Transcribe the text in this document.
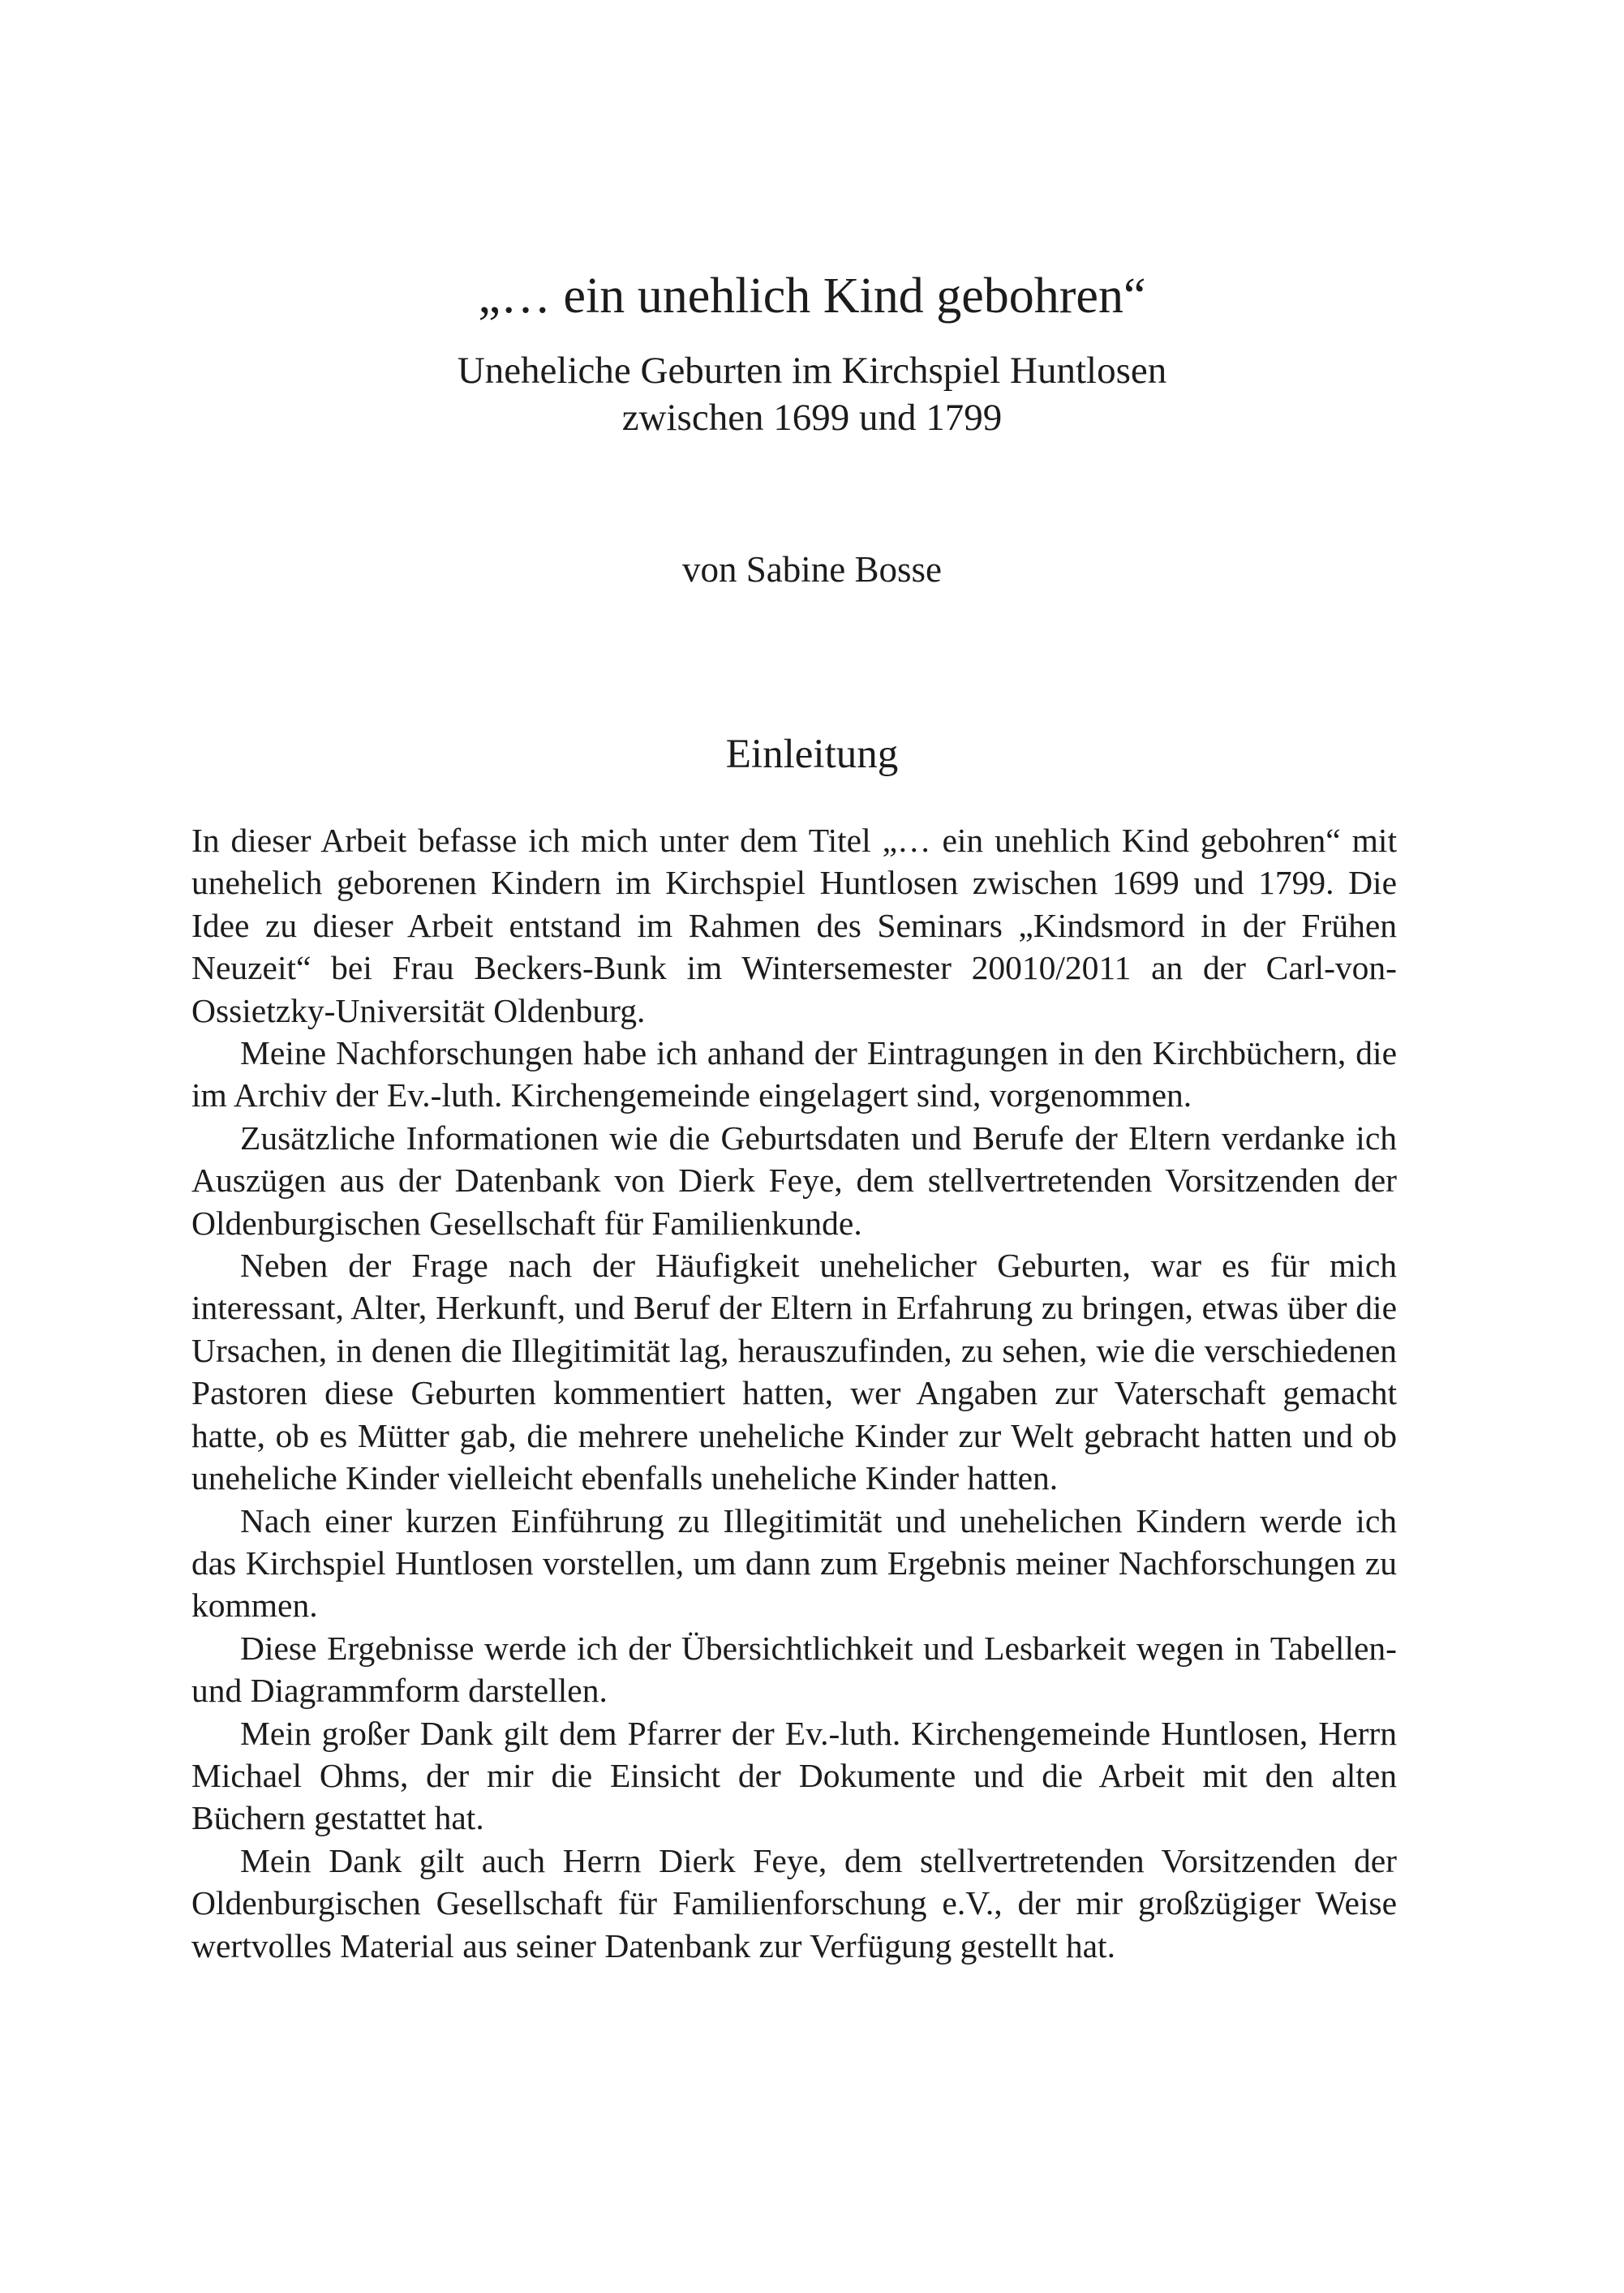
„… ein unehlich Kind gebohren“
Uneheliche Geburten im Kirchspiel Huntlosen
zwischen 1699 und 1799

von Sabine Bosse

Einleitung

In dieser Arbeit befasse ich mich unter dem Titel „… ein unehlich Kind gebohren“ mit unehelich geborenen Kindern im Kirchspiel Huntlosen zwischen 1699 und 1799. Die Idee zu dieser Arbeit entstand im Rahmen des Seminars „Kindsmord in der Frühen Neuzeit“ bei Frau Beckers-Bunk im Wintersemester 20010/2011 an der Carl-von-Ossietzky-Universität Oldenburg.

Meine Nachforschungen habe ich anhand der Eintragungen in den Kirchbüchern, die im Archiv der Ev.-luth. Kirchengemeinde eingelagert sind, vorgenommen.

Zusätzliche Informationen wie die Geburtsdaten und Berufe der Eltern verdanke ich Auszügen aus der Datenbank von Dierk Feye, dem stellvertretenden Vorsitzenden der Oldenburgischen Gesellschaft für Familienkunde.

Neben der Frage nach der Häufigkeit unehelicher Geburten, war es für mich interessant, Alter, Herkunft, und Beruf der Eltern in Erfahrung zu bringen, etwas über die Ursachen, in denen die Illegitimität lag, herauszufinden, zu sehen, wie die verschiedenen Pastoren diese Geburten kommentiert hatten, wer Angaben zur Vaterschaft gemacht hatte, ob es Mütter gab, die mehrere uneheliche Kinder zur Welt gebracht hatten und ob uneheliche Kinder vielleicht ebenfalls uneheliche Kinder hatten.

Nach einer kurzen Einführung zu Illegitimität und unehelichen Kindern werde ich das Kirchspiel Huntlosen vorstellen, um dann zum Ergebnis meiner Nachforschungen zu kommen.

Diese Ergebnisse werde ich der Übersichtlichkeit und Lesbarkeit wegen in Tabellen- und Diagrammform darstellen.

Mein großer Dank gilt dem Pfarrer der Ev.-luth. Kirchengemeinde Huntlosen, Herrn Michael Ohms, der mir die Einsicht der Dokumente und die Arbeit mit den alten Büchern gestattet hat.

Mein Dank gilt auch Herrn Dierk Feye, dem stellvertretenden Vorsitzenden der Oldenburgischen Gesellschaft für Familienforschung e.V., der mir großzügiger Weise wertvolles Material aus seiner Datenbank zur Verfügung gestellt hat.
